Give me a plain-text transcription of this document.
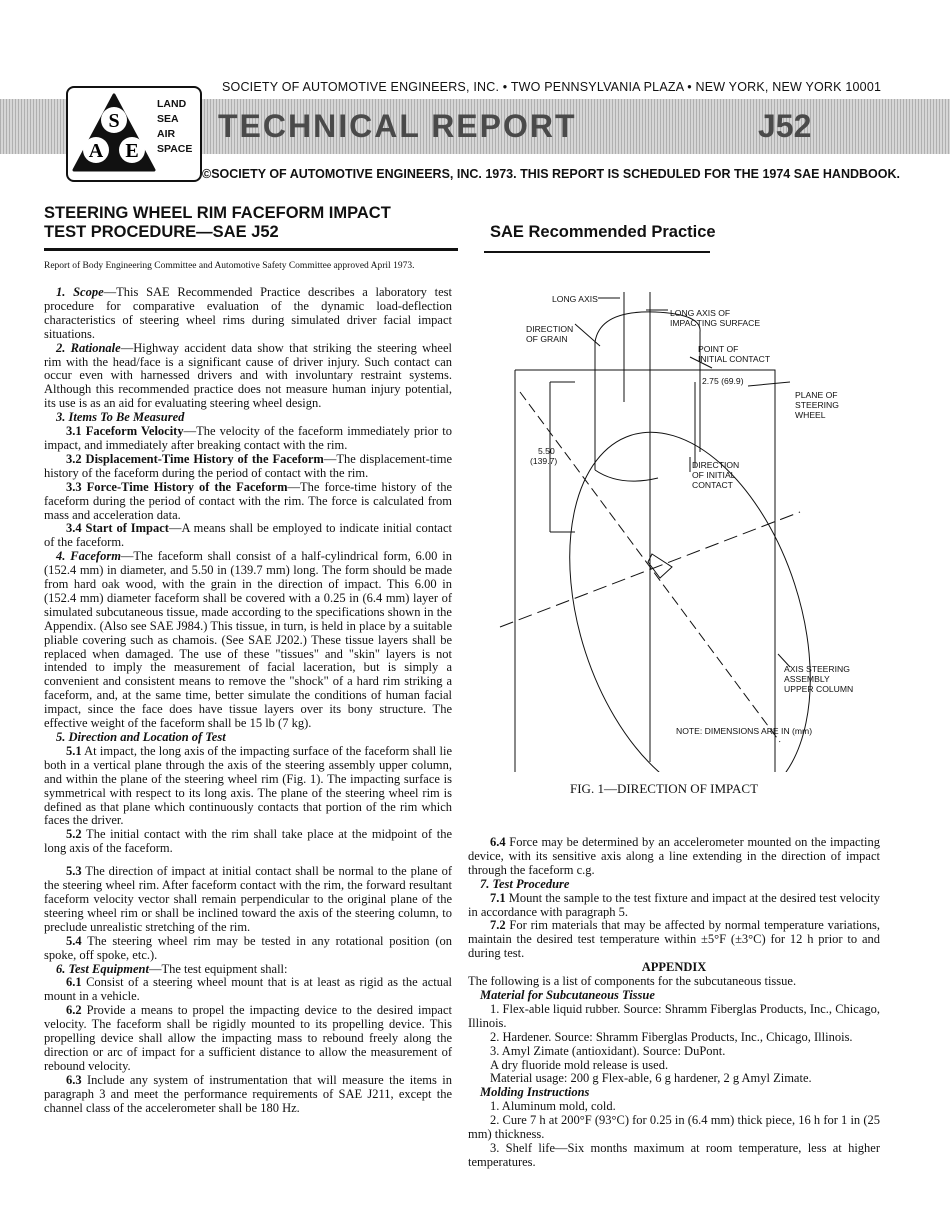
SOCIETY OF AUTOMOTIVE ENGINEERS, INC. • TWO PENNSYLVANIA PLAZA • NEW YORK, NEW YORK 10001
S
A E
LAND
SEA
AIR
SPACE
TECHNICAL REPORT	J52
©SOCIETY OF AUTOMOTIVE ENGINEERS, INC. 1973. THIS REPORT IS SCHEDULED FOR THE 1974 SAE HANDBOOK.
STEERING WHEEL RIM FACEFORM IMPACT
TEST PROCEDURE—SAE J52	SAE Recommended Practice
Report of Body Engineering Committee and Automotive Safety Committee approved April 1973.

1. Scope—This SAE Recommended Practice describes a laboratory test procedure for comparative evaluation of the dynamic load-deflection characteristics of steering wheel rims during simulated driver facial impact situations.

2. Rationale—Highway accident data show that striking the steering wheel rim with the head/face is a significant cause of driver injury. Such contact can occur even with harnessed drivers and with involuntary restraint systems. Although this recommended practice does not measure human injury potential, its use is as an aid for evaluating steering wheel design.

3. Items To Be Measured

3.1 Faceform Velocity—The velocity of the faceform immediately prior to impact, and immediately after breaking contact with the rim.

3.2 Displacement-Time History of the Faceform—The displacement-time history of the faceform during the period of contact with the rim.

3.3 Force-Time History of the Faceform—The force-time history of the faceform during the period of contact with the rim. The force is calculated from mass and acceleration data.

3.4 Start of Impact—A means shall be employed to indicate initial contact of the faceform.

4. Faceform—The faceform shall consist of a half-cylindrical form, 6.00 in (152.4 mm) in diameter, and 5.50 in (139.7 mm) long. The form should be made from hard oak wood, with the grain in the direction of impact. This 6.00 in (152.4 mm) diameter faceform shall be covered with a 0.25 in (6.4 mm) layer of simulated subcutaneous tissue, made according to the specifications shown in the Appendix. (Also see SAE J984.) This tissue, in turn, is held in place by a suitable pliable covering such as chamois. (See SAE J202.) These tissue layers shall be replaced when damaged. The use of these "tissues" and "skin" layers is not intended to imply the measurement of facial laceration, but is simply a convenient and consistent means to remove the "shock" of a hard rim striking a faceform, and, at the same time, better simulate the conditions of human facial impact, since the face does have tissue layers over its bony structure. The effective weight of the faceform shall be 15 lb (7 kg).

5. Direction and Location of Test

5.1 At impact, the long axis of the impacting surface of the faceform shall lie both in a vertical plane through the axis of the steering assembly upper column, and within the plane of the steering wheel rim (Fig. 1). The impacting surface is symmetrical with respect to its long axis. The plane of the steering wheel rim is defined as that plane which continuously contacts that portion of the rim which faces the driver.

5.2 The initial contact with the rim shall take place at the midpoint of the long axis of the faceform.

5.3 The direction of impact at initial contact shall be normal to the plane of the steering wheel rim. After faceform contact with the rim, the forward resultant faceform velocity vector shall remain perpendicular to the original plane of the steering wheel rim or shall be inclined toward the axis of the steering column, to preclude unrealistic stretching of the rim.

5.4 The steering wheel rim may be tested in any rotational position (on spoke, off spoke, etc.).

6. Test Equipment—The test equipment shall:

6.1 Consist of a steering wheel mount that is at least as rigid as the actual mount in a vehicle.

6.2 Provide a means to propel the impacting device to the desired impact velocity. The faceform shall be rigidly mounted to its propelling device. This propelling device shall allow the impacting mass to rebound freely along the direction or arc of impact for a sufficient distance to allow the measurement of rebound velocity.

6.3 Include any system of instrumentation that will measure the items in paragraph 3 and meet the performance requirements of SAE J211, except the channel class of the accelerometer shall be 180 Hz.

6.4 Force may be determined by an accelerometer mounted on the impacting device, with its sensitive axis along a line extending in the direction of impact through the faceform c.g.

7. Test Procedure

7.1 Mount the sample to the test fixture and impact at the desired test velocity in accordance with paragraph 5.

7.2 For rim materials that may be affected by normal temperature variations, maintain the desired test temperature within ±5°F (±3°C) for 12 h prior to and during test.

APPENDIX

The following is a list of components for the subcutaneous tissue.

Material for Subcutaneous Tissue

1. Flex-able liquid rubber. Source: Shramm Fiberglas Products, Inc., Chicago, Illinois.

2. Hardener. Source: Shramm Fiberglas Products, Inc., Chicago, Illinois.

3. Amyl Zimate (antioxidant). Source: DuPont.

A dry fluoride mold release is used.

Material usage: 200 g Flex-able, 6 g hardener, 2 g Amyl Zimate.

Molding Instructions

1. Aluminum mold, cold.

2. Cure 7 h at 200°F (93°C) for 0.25 in (6.4 mm) thick piece, 16 h for 1 in (25 mm) thickness.

3. Shelf life—Six months maximum at room temperature, less at higher temperatures.

LONG AXIS
LONG AXIS OF
IMPACTING SURFACE
DIRECTION
OF GRAIN
POINT OF
INITIAL CONTACT
2.75 (69.9)
PLANE OF
STEERING
WHEEL
5.50
(139.7)	DIRECTION
OF INITIAL
CONTACT
AXIS STEERING
ASSEMBLY
UPPER COLUMN
NOTE: DIMENSIONS ARE IN (mm)
FIG. 1—DIRECTION OF IMPACT
